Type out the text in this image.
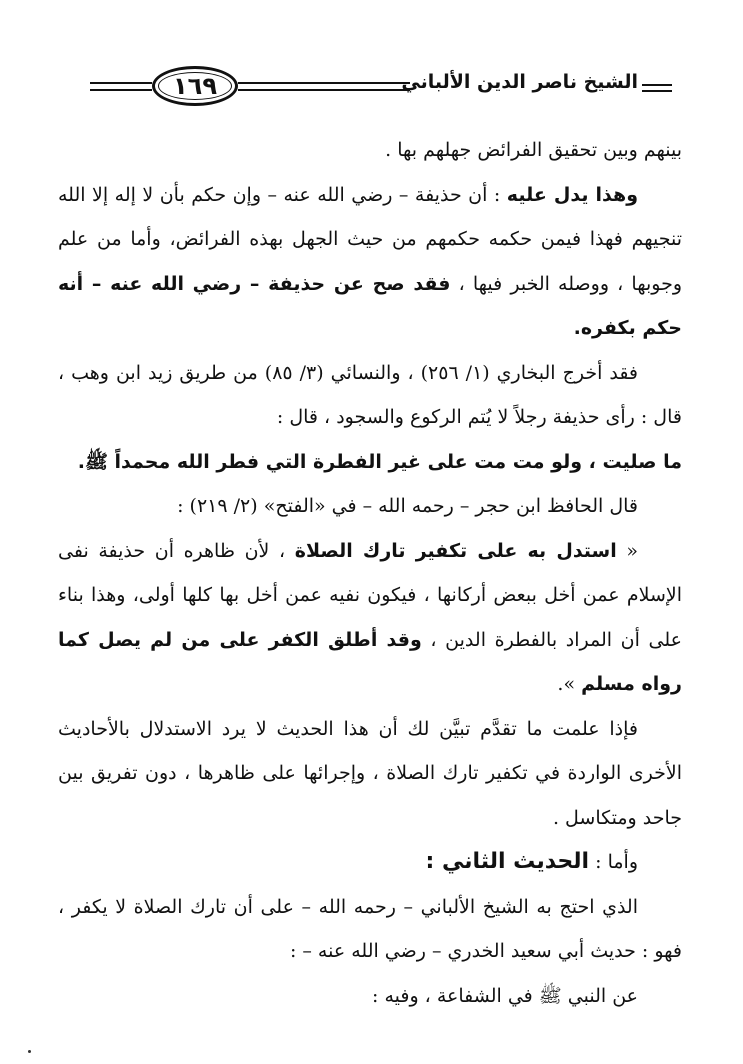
١٦٩	الشيخ ناصر الدين الألباني

بينهم وبين تحقيق الفرائض جهلهم بها .

وهذا يدل عليه : أن حذيفة – رضي الله عنه – وإن حكم بأن لا إله إلا الله تنجيهم فهذا فيمن حكمه حكمهم من حيث الجهل بهذه الفرائض، وأما من علم وجوبها ، ووصله الخبر فيها ، فقد صح عن حذيفة – رضي الله عنه – أنه حكم بكفره.

فقد أخرج البخاري (١/ ٢٥٦) ، والنسائي (٣/ ٨٥) من طريق زيد ابن وهب ، قال : رأى حذيفة رجلاً لا يُتم الركوع والسجود ، قال :

ما صليت ، ولو مت مت على غير الفطرة التي فطر الله محمداً ﷺ.

قال الحافظ ابن حجر – رحمه الله – في «الفتح» (٢/ ٢١٩) :

« استدل به على تكفير تارك الصلاة ، لأن ظاهره أن حذيفة نفى الإسلام عمن أخل ببعض أركانها ، فيكون نفيه عمن أخل بها كلها أولى، وهذا بناء على أن المراد بالفطرة الدين ، وقد أطلق الكفر على من لم يصل كما رواه مسلم ».

فإذا علمت ما تقدَّم تبيَّن لك أن هذا الحديث لا يرد الاستدلال بالأحاديث الأخرى الواردة في تكفير تارك الصلاة ، وإجرائها على ظاهرها ، دون تفريق بين جاحد ومتكاسل .

وأما : الحديث الثاني :

الذي احتج به الشيخ الألباني – رحمه الله – على أن تارك الصلاة لا يكفر ، فهو : حديث أبي سعيد الخدري – رضي الله عنه – :

عن النبي ﷺ في الشفاعة ، وفيه :
